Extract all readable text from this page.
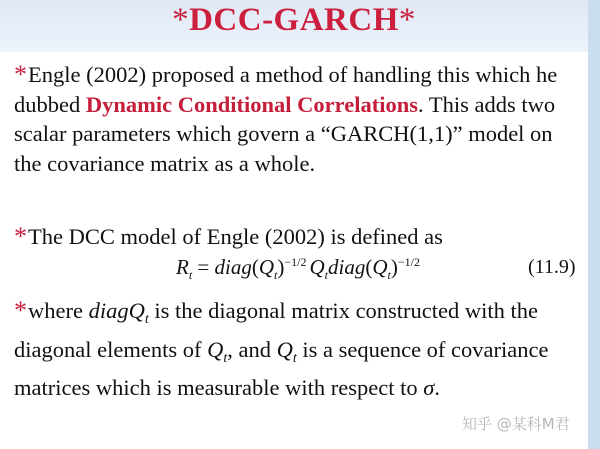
*DCC-GARCH*
*Engle (2002) proposed a method of handling this which he dubbed Dynamic Conditional Correlations. This adds two scalar parameters which govern a “GARCH(1,1)” model on the covariance matrix as a whole.
*The DCC model of Engle (2002) is defined as
$R_t$ = $diag(Q_t)^{-1/2}$ $Q_tdiag(Q_t)^{-1/2}$	(11.9)
*where diagQ$_t$ is the diagonal matrix constructed with the diagonal elements of $Q_t$, and $Q_t$ is a sequence of covariance matrices which is measurable with respect to σ.
知乎 @某科M君
